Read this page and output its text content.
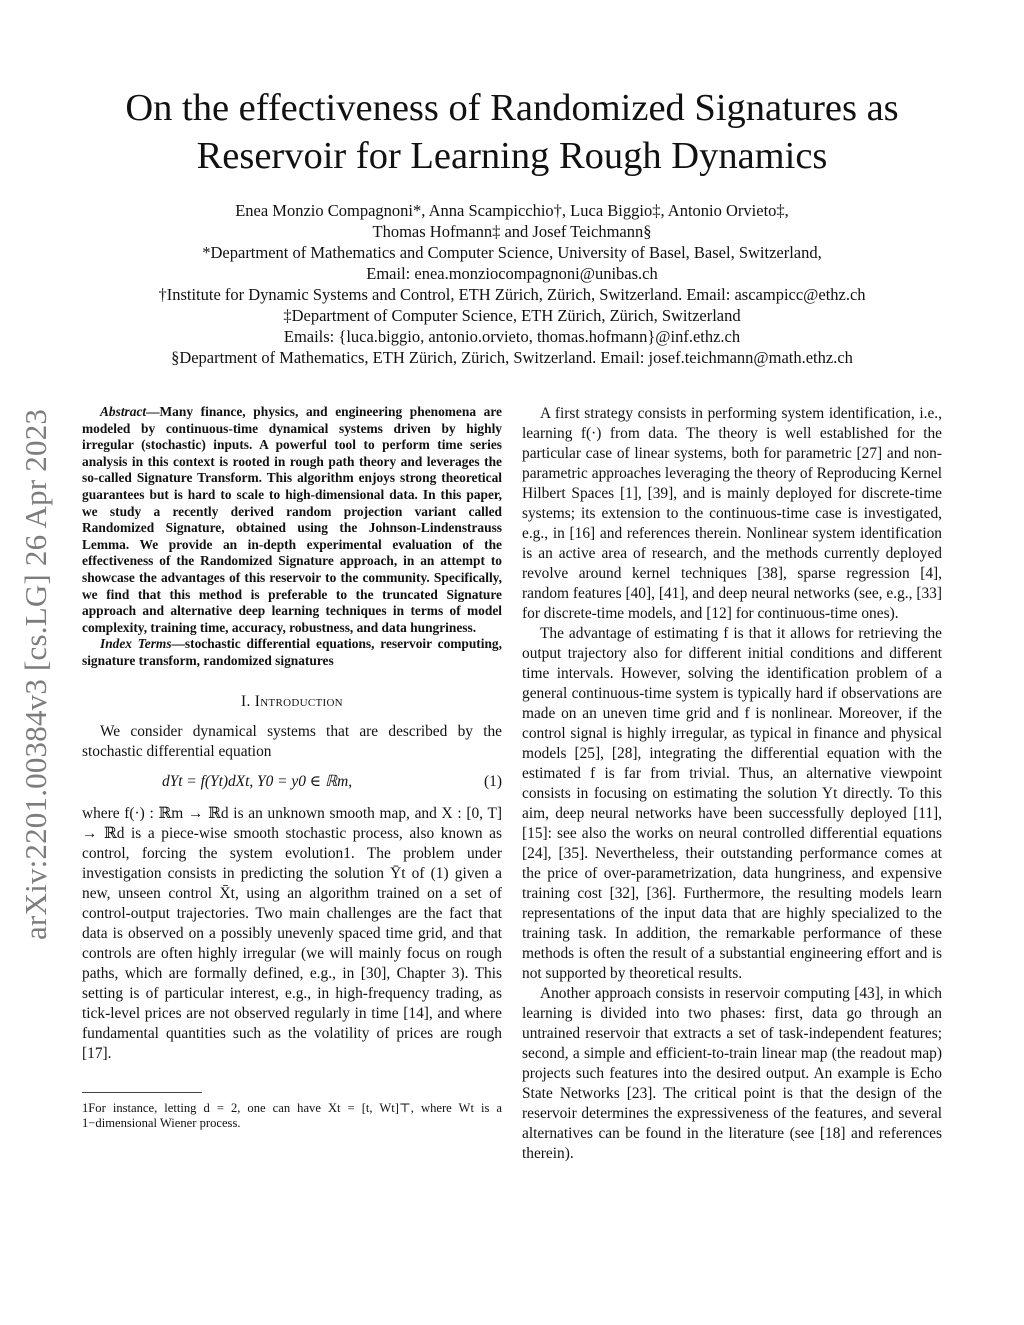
arXiv:2201.00384v3 [cs.LG] 26 Apr 2023
On the effectiveness of Randomized Signatures as
Reservoir for Learning Rough Dynamics
Enea Monzio Compagnoni*, Anna Scampicchio†, Luca Biggio‡, Antonio Orvieto‡,
Thomas Hofmann‡ and Josef Teichmann§
*Department of Mathematics and Computer Science, University of Basel, Basel, Switzerland,
Email: enea.monziocompagnoni@unibas.ch
†Institute for Dynamic Systems and Control, ETH Zürich, Zürich, Switzerland. Email: ascampicc@ethz.ch
‡Department of Computer Science, ETH Zürich, Zürich, Switzerland
Emails: {luca.biggio, antonio.orvieto, thomas.hofmann}@inf.ethz.ch
§Department of Mathematics, ETH Zürich, Zürich, Switzerland. Email: josef.teichmann@math.ethz.ch

Abstract—Many finance, physics, and engineering phenomena are modeled by continuous-time dynamical systems driven by highly irregular (stochastic) inputs. A powerful tool to perform time series analysis in this context is rooted in rough path theory and leverages the so-called Signature Transform. This algorithm enjoys strong theoretical guarantees but is hard to scale to high-dimensional data. In this paper, we study a recently derived random projection variant called Randomized Signature, obtained using the Johnson-Lindenstrauss Lemma. We provide an in-depth experimental evaluation of the effectiveness of the Randomized Signature approach, in an attempt to showcase the advantages of this reservoir to the community. Specifically, we find that this method is preferable to the truncated Signature approach and alternative deep learning techniques in terms of model complexity, training time, accuracy, robustness, and data hungriness.

Index Terms—stochastic differential equations, reservoir computing, signature transform, randomized signatures

I. Introduction

We consider dynamical systems that are described by the stochastic differential equation

dYt = f(Yt)dXt, Y0 = y0 ∈ ℝm,	(1)

where f(·) : ℝm → ℝd is an unknown smooth map, and X : [0, T] → ℝd is a piece-wise smooth stochastic process, also known as control, forcing the system evolution1. The problem under investigation consists in predicting the solution Ȳt of (1) given a new, unseen control X̄t, using an algorithm trained on a set of control-output trajectories. Two main challenges are the fact that data is observed on a possibly unevenly spaced time grid, and that controls are often highly irregular (we will mainly focus on rough paths, which are formally defined, e.g., in [30], Chapter 3). This setting is of particular interest, e.g., in high-frequency trading, as tick-level prices are not observed regularly in time [14], and where fundamental quantities such as the volatility of prices are rough [17].

1For instance, letting d = 2, one can have Xt = [t, Wt]⊤, where Wt is a 1−dimensional Wiener process.

A first strategy consists in performing system identification, i.e., learning f(·) from data. The theory is well established for the particular case of linear systems, both for parametric [27] and non-parametric approaches leveraging the theory of Reproducing Kernel Hilbert Spaces [1], [39], and is mainly deployed for discrete-time systems; its extension to the continuous-time case is investigated, e.g., in [16] and references therein. Nonlinear system identification is an active area of research, and the methods currently deployed revolve around kernel techniques [38], sparse regression [4], random features [40], [41], and deep neural networks (see, e.g., [33] for discrete-time models, and [12] for continuous-time ones).

The advantage of estimating f is that it allows for retrieving the output trajectory also for different initial conditions and different time intervals. However, solving the identification problem of a general continuous-time system is typically hard if observations are made on an uneven time grid and f is nonlinear. Moreover, if the control signal is highly irregular, as typical in finance and physical models [25], [28], integrating the differential equation with the estimated f is far from trivial. Thus, an alternative viewpoint consists in focusing on estimating the solution Yt directly. To this aim, deep neural networks have been successfully deployed [11], [15]: see also the works on neural controlled differential equations [24], [35]. Nevertheless, their outstanding performance comes at the price of over-parametrization, data hungriness, and expensive training cost [32], [36]. Furthermore, the resulting models learn representations of the input data that are highly specialized to the training task. In addition, the remarkable performance of these methods is often the result of a substantial engineering effort and is not supported by theoretical results.

Another approach consists in reservoir computing [43], in which learning is divided into two phases: first, data go through an untrained reservoir that extracts a set of task-independent features; second, a simple and efficient-to-train linear map (the readout map) projects such features into the desired output. An example is Echo State Networks [23]. The critical point is that the design of the reservoir determines the expressiveness of the features, and several alternatives can be found in the literature (see [18] and references therein).
